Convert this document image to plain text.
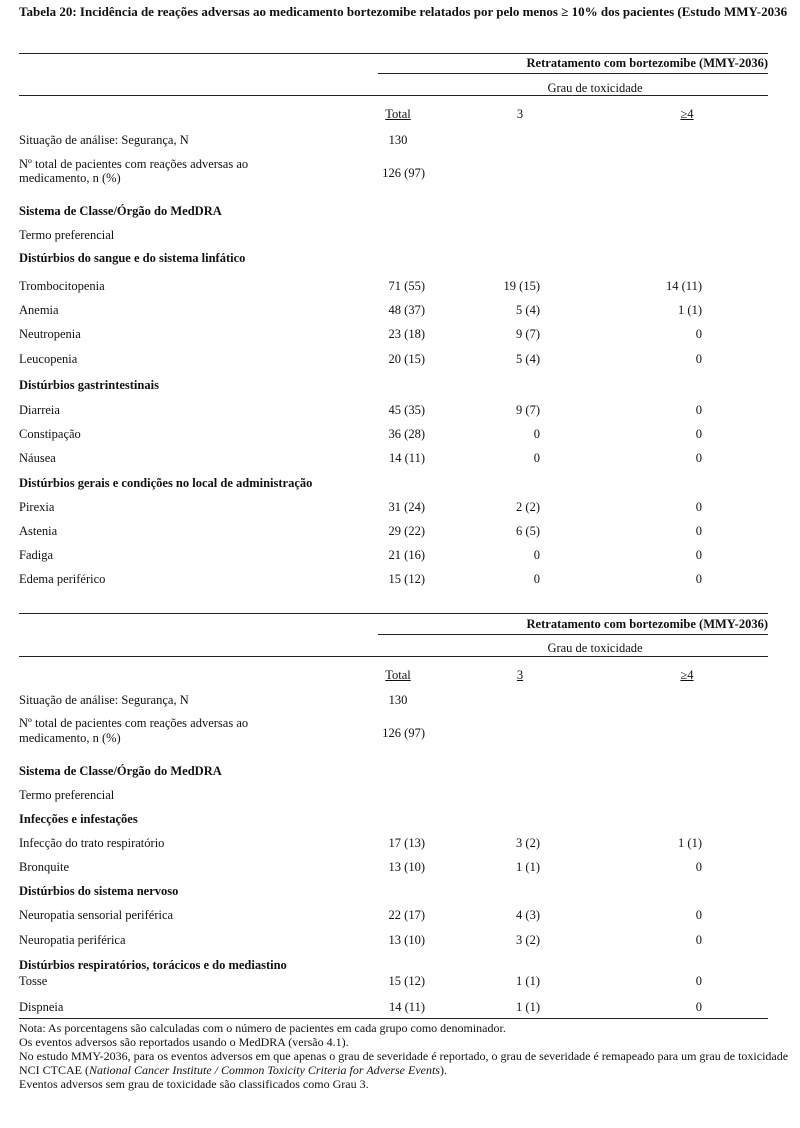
Tabela 20: Incidência de reações adversas ao medicamento bortezomibe relatados por pelo menos ≥ 10% dos pacientes (Estudo MMY-2036
Retratamento com bortezomibe (MMY-2036)
Grau de toxicidade
Total	3	≥4
Situação de análise: Segurança, N	130
Nº total de pacientes com reações adversas ao
medicamento, n (%)	126 (97)
Sistema de Classe/Órgão do MedDRA
Termo preferencial
Distúrbios do sangue e do sistema linfático
Trombocitopenia	71 (55)	19 (15)	14 (11)
Anemia	48 (37)	5 (4)	1 (1)
Neutropenia	23 (18)	9 (7)	0
Leucopenia	20 (15)	5 (4)	0
Distúrbios gastrintestinais
Diarreia	45 (35)	9 (7)	0
Constipação	36 (28)	0	0
Náusea	14 (11)	0	0
Distúrbios gerais e condições no local de administração
Pirexia	31 (24)	2 (2)	0
Astenia	29 (22)	6 (5)	0
Fadiga	21 (16)	0	0
Edema periférico	15 (12)	0	0
Retratamento com bortezomibe (MMY-2036)
Grau de toxicidade
Total	3	≥4
Situação de análise: Segurança, N	130
Nº total de pacientes com reações adversas ao
medicamento, n (%)	126 (97)
Sistema de Classe/Órgão do MedDRA
Termo preferencial
Infecções e infestações
Infecção do trato respiratório	17 (13)	3 (2)	1 (1)
Bronquite	13 (10)	1 (1)	0
Distúrbios do sistema nervoso
Neuropatia sensorial periférica	22 (17)	4 (3)	0
Neuropatia periférica	13 (10)	3 (2)	0
Distúrbios respiratórios, torácicos e do mediastino
Tosse	15 (12)	1 (1)	0
Dispneia	14 (11)	1 (1)	0
Nota: As porcentagens são calculadas com o número de pacientes em cada grupo como denominador.
Os eventos adversos são reportados usando o MedDRA (versão 4.1).
No estudo MMY-2036, para os eventos adversos em que apenas o grau de severidade é reportado, o grau de severidade é remapeado para um grau de toxicidade NCI CTCAE (National Cancer Institute / Common Toxicity Criteria for Adverse Events).
Eventos adversos sem grau de toxicidade são classificados como Grau 3.
